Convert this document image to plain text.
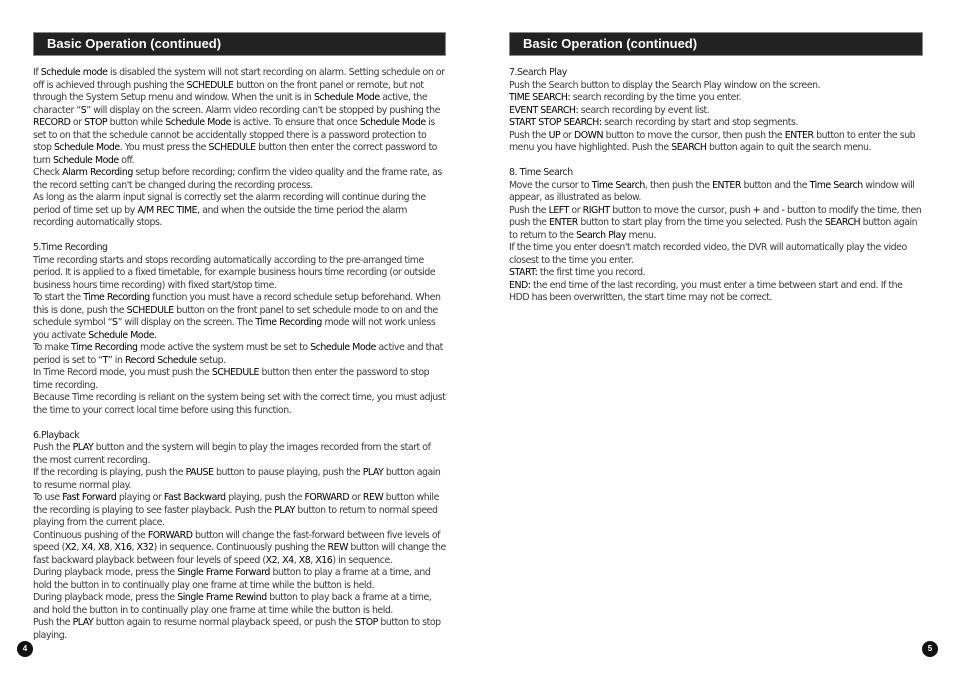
Basic Operation (continued)

If Schedule mode is disabled the system will not start recording on alarm. Setting schedule on or off is achieved through pushing the SCHEDULE button on the front panel or remote, but not through the System Setup menu and window. When the unit is in Schedule Mode active, the character “S” will display on the screen. Alarm video recording can't be stopped by pushing the RECORD or STOP button while Schedule Mode is active. To ensure that once Schedule Mode is set to on that the schedule cannot be accidentally stopped there is a password protection to stop Schedule Mode. You must press the SCHEDULE button then enter the correct password to turn Schedule Mode off.

Check Alarm Recording setup before recording; confirm the video quality and the frame rate, as the record setting can't be changed during the recording process.

As long as the alarm input signal is correctly set the alarm recording will continue during the period of time set up by A/M REC TIME, and when the outside the time period the alarm recording automatically stops.

5.Time Recording

Time recording starts and stops recording automatically according to the pre-arranged time period. It is applied to a fixed timetable, for example business hours time recording (or outside business hours time recording) with fixed start/stop time.

To start the Time Recording function you must have a record schedule setup beforehand. When this is done, push the SCHEDULE button on the front panel to set schedule mode to on and the schedule symbol “S” will display on the screen. The Time Recording mode will not work unless you activate Schedule Mode.

To make Time Recording mode active the system must be set to Schedule Mode active and that period is set to “T” in Record Schedule setup.

In Time Record mode, you must push the SCHEDULE button then enter the password to stop time recording.

Because Time recording is reliant on the system being set with the correct time, you must adjust the time to your correct local time before using this function.

6.Playback

Push the PLAY button and the system will begin to play the images recorded from the start of the most current recording.

If the recording is playing, push the PAUSE button to pause playing, push the PLAY button again to resume normal play.

To use Fast Forward playing or Fast Backward playing, push the FORWARD or REW button while the recording is playing to see faster playback. Push the PLAY button to return to normal speed playing from the current place.

Continuous pushing of the FORWARD button will change the fast-forward between five levels of speed (X2, X4, X8, X16, X32) in sequence. Continuously pushing the REW button will change the fast backward playback between four levels of speed (X2, X4, X8, X16) in sequence.

During playback mode, press the Single Frame Forward button to play a frame at a time, and hold the button in to continually play one frame at time while the button is held.

During playback mode, press the Single Frame Rewind button to play back a frame at a time, and hold the button in to continually play one frame at time while the button is held.

Push the PLAY button again to resume normal playback speed, or push the STOP button to stop playing.

4
Basic Operation (continued)

7.Search Play

Push the Search button to display the Search Play window on the screen.

TIME SEARCH: search recording by the time you enter.

EVENT SEARCH: search recording by event list.

START STOP SEARCH: search recording by start and stop segments.

Push the UP or DOWN button to move the cursor, then push the ENTER button to enter the sub menu you have highlighted. Push the SEARCH button again to quit the search menu.

8. Time Search

Move the cursor to Time Search, then push the ENTER button and the Time Search window will appear, as illustrated as below.

Push the LEFT or RIGHT button to move the cursor, push + and - button to modify the time, then push the ENTER button to start play from the time you selected. Push the SEARCH button again to return to the Search Play menu.

If the time you enter doesn't match recorded video, the DVR will automatically play the video closest to the time you enter.

START: the first time you record.

END: the end time of the last recording, you must enter a time between start and end. If the HDD has been overwritten, the start time may not be correct.

5
